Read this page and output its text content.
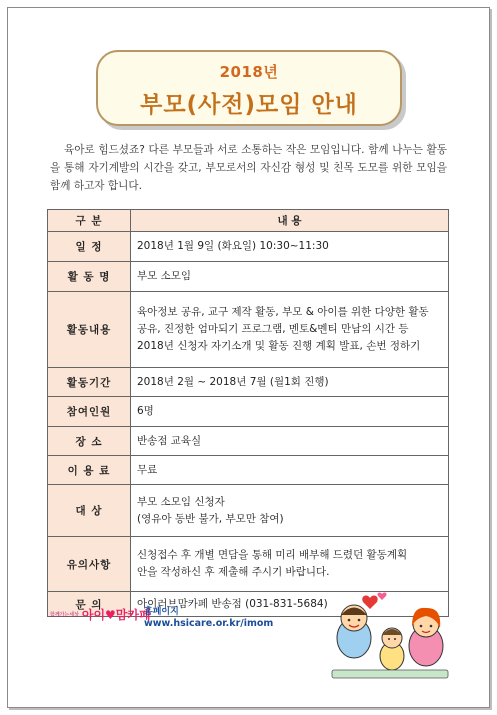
2018년
부모(사전)모임 안내

육아로 힘드셨죠? 다른 부모들과 서로 소통하는 작은 모임입니다. 함께 나누는 활동을 통해 자기계발의 시간을 갖고, 부모로서의 자신감 형성 및 친목 도모를 위한 모임을 함께 하고자 합니다.

구 분	내 용
일 정	2018년 1월 9일 (화요일) 10:30~11:30
활 동 명	부모 소모임
활동내용	육아정보 공유, 교구 제작 활동, 부모 & 아이를 위한 다양한 활동
공유, 진정한 엄마되기 프로그램, 멘토&멘티 만남의 시간 등
2018년 신청자 자기소개 및 활동 진행 계획 발표, 손번 정하기

활동기간	2018년 2월 ~ 2018년 7월 (월1회 진행)
참여인원	6명
장 소	반송점 교육실
이 용 료	무료
대 상	부모 소모임 신청자
(영유아 동반 불가, 부모만 참여)

유의사항	신청접수 후 개별 면담을 통해 미리 배부해 드렸던 활동계획
안을 작성하신 후 제출해 주시기 바랍니다.

문 의	아이러브맘카페 반송점 (031-831-5684)
함께가는세상 아이♥맘카페
홈페이지
www.hsicare.or.kr/imom
